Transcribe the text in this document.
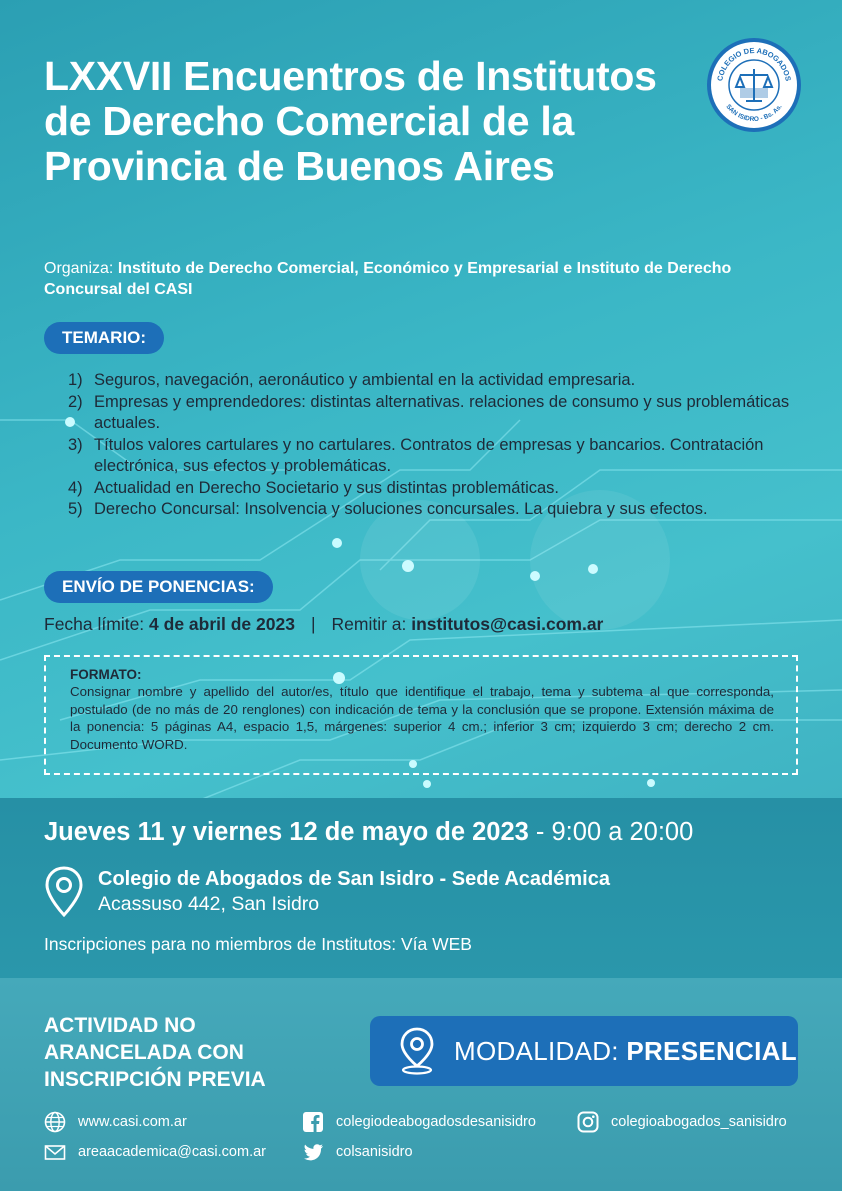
LXXVII Encuentros de Institutos de Derecho Comercial de la Provincia de Buenos Aires
COLEGIO DE ABOGADOS
SAN ISIDRO - Bs. As.
Organiza: Instituto de Derecho Comercial, Económico y Empresarial e Instituto de Derecho Concursal del CASI
TEMARIO:
1) Seguros, navegación, aeronáutico y ambiental en la actividad empresaria.
2) Empresas y emprendedores: distintas alternativas. relaciones de consumo y sus problemáticas actuales.
3) Títulos valores cartulares y no cartulares. Contratos de empresas y bancarios. Contratación electrónica, sus efectos y problemáticas.
4) Actualidad en Derecho Societario y sus distintas problemáticas.
5) Derecho Concursal: Insolvencia y soluciones concursales. La quiebra y sus efectos.
ENVÍO DE PONENCIAS:
Fecha límite: 4 de abril de 2023 | Remitir a: institutos@casi.com.ar
FORMATO:
Consignar nombre y apellido del autor/es, título que identifique el trabajo, tema y subtema al que corresponda, postulado (de no más de 20 renglones) con indicación de tema y la conclusión que se propone. Extensión máxima de la ponencia: 5 páginas A4, espacio 1,5, márgenes: superior 4 cm.; inferior 3 cm; izquierdo 3 cm; derecho 2 cm. Documento WORD.
Jueves 11 y viernes 12 de mayo de 2023 - 9:00 a 20:00
Colegio de Abogados de San Isidro - Sede Académica
Acassuso 442, San Isidro
Inscripciones para no miembros de Institutos: Vía WEB
ACTIVIDAD NO
ARANCELADA CON
INSCRIPCIÓN PREVIA
MODALIDAD: PRESENCIAL
www.casi.com.ar
areaacademica@casi.com.ar
colegiodeabogadosdesanisidro
colsanisidro
colegioabogados_sanisidro
